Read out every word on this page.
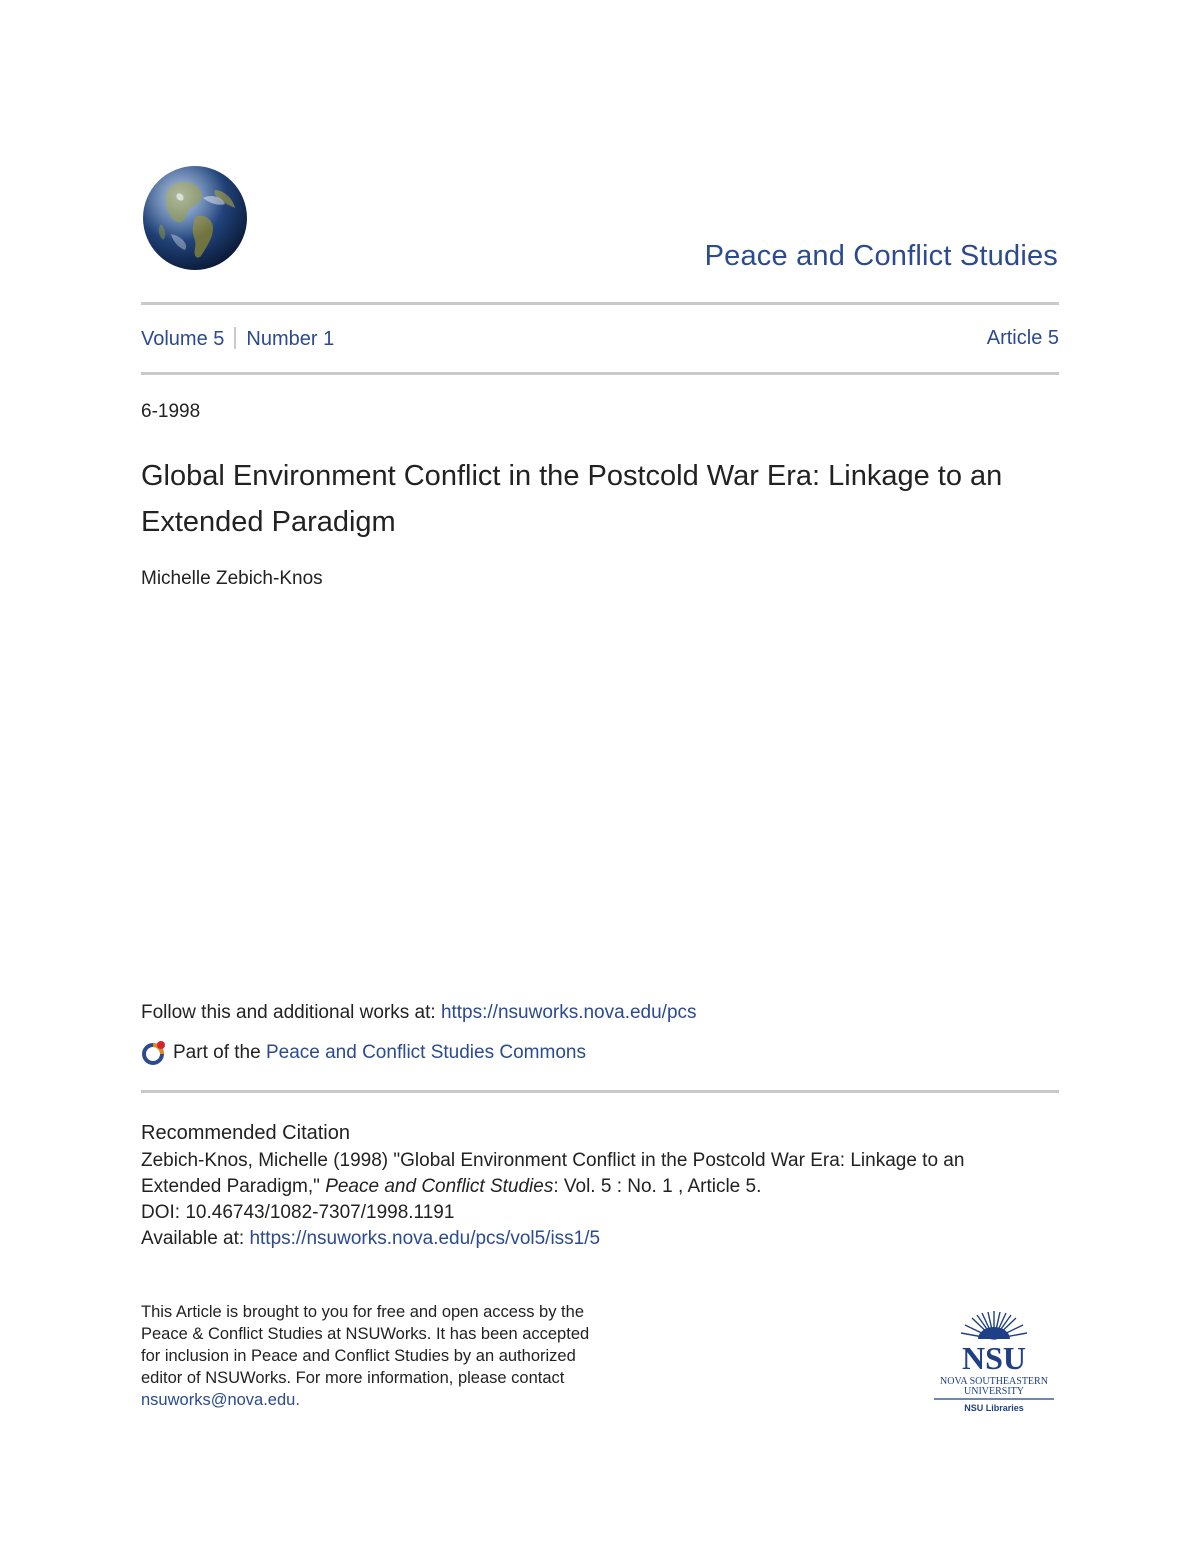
Peace and Conflict Studies
Volume 5 Number 1	Article 5
6-1998
Global Environment Conflict in the Postcold War Era: Linkage to an Extended Paradigm
Michelle Zebich-Knos
Follow this and additional works at: https://nsuworks.nova.edu/pcs
Part of the Peace and Conflict Studies Commons
Recommended Citation
Zebich-Knos, Michelle (1998) "Global Environment Conflict in the Postcold War Era: Linkage to an
Extended Paradigm," Peace and Conflict Studies: Vol. 5 : No. 1 , Article 5.
DOI: 10.46743/1082-7307/1998.1191
Available at: https://nsuworks.nova.edu/pcs/vol5/iss1/5
This Article is brought to you for free and open access by the Peace & Conflict Studies at NSUWorks. It has been accepted for inclusion in Peace and Conflict Studies by an authorized editor of NSUWorks. For more information, please contact nsuworks@nova.edu.
NSU
NOVA SOUTHEASTERN
UNIVERSITY
NSU Libraries
